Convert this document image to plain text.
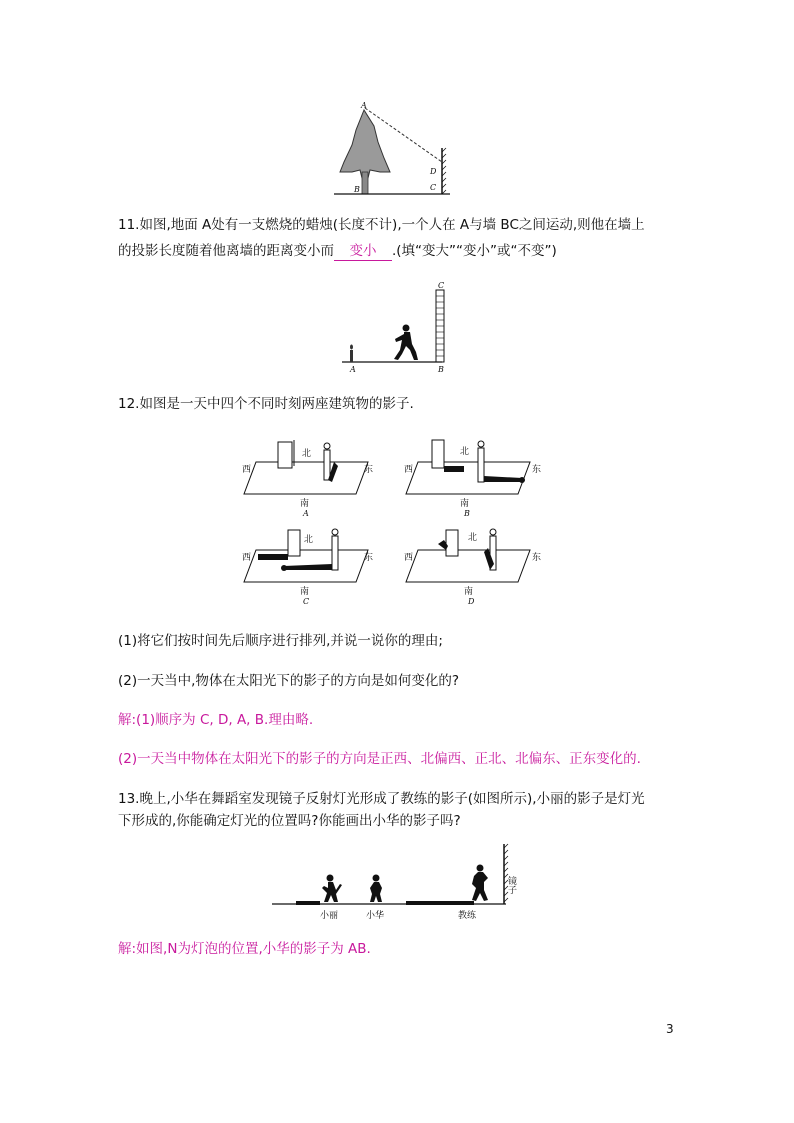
A
B	C
D
11.如图,地面 A处有一支燃烧的蜡烛(长度不计),一个人在 A与墙 BC之间运动,则他在墙上
的投影长度随着他离墙的距离变小而 变小 .(填“变大”“变小”或“不变”)
A	B
C
12.如图是一天中四个不同时刻两座建筑物的影子.
西	东
北
南
A
西	东
北
南
B
西	东
北
南
C
西	东
北
南
D
(1)将它们按时间先后顺序进行排列,并说一说你的理由;
(2)一天当中,物体在太阳光下的影子的方向是如何变化的?
解:(1)顺序为 C, D, A, B.理由略.
(2)一天当中物体在太阳光下的影子的方向是正西、北偏西、正北、北偏东、正东变化的.
13.晚上,小华在舞蹈室发现镜子反射灯光形成了教练的影子(如图所示),小丽的影子是灯光
下形成的,你能确定灯光的位置吗?你能画出小华的影子吗?
小丽	小华	教练
镜子
解:如图,N为灯泡的位置,小华的影子为 AB.
3
